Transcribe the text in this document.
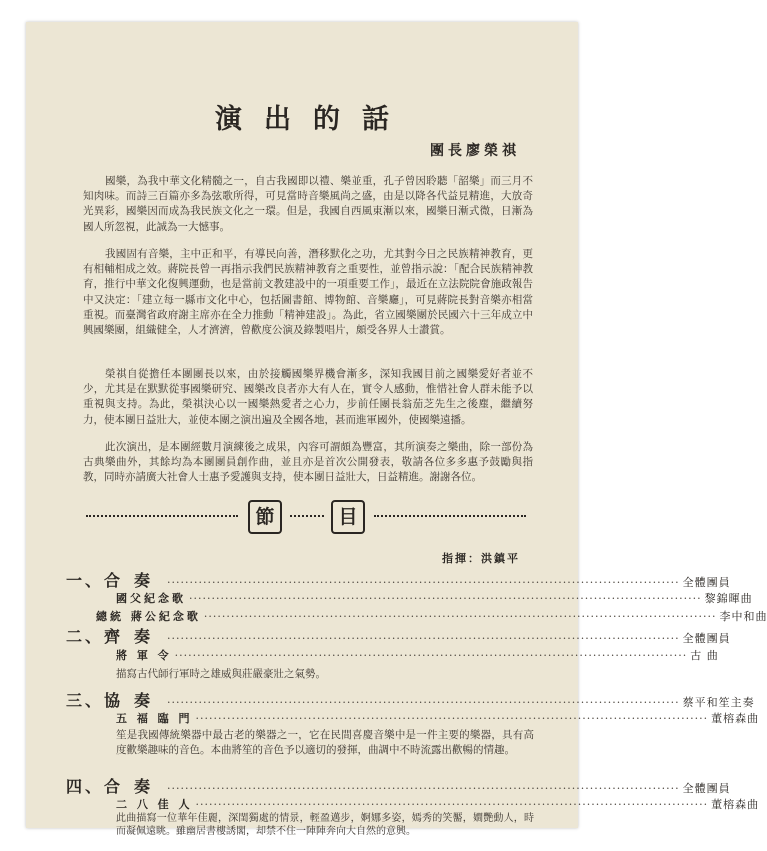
演出的話
團長廖榮祺

國樂，為我中華文化精髓之一，自古我國即以禮、樂並重，孔子曾因聆聽「韶樂」而三月不知肉味。而詩三百篇亦多為弦歌所得，可見當時音樂風尚之盛，由是以降各代益見精進，大放奇光異彩，國樂因而成為我民族文化之一環。但是，我國自西風東漸以來，國樂日漸式微，日漸為國人所忽視，此誠為一大憾事。

我國固有音樂，主中正和平，有導民向善，潛移默化之功，尤其對今日之民族精神教育，更有相輔相成之效。蔣院長曾一再指示我們民族精神教育之重要性，並曾指示說：「配合民族精神教育，推行中華文化復興運動，也是當前文教建設中的一項重要工作」，最近在立法院院會施政報告中又決定：「建立每一縣市文化中心，包括圖書館、博物館、音樂廳」，可見蔣院長對音樂亦相當重視。而臺灣省政府謝主席亦在全力推動「精神建設」。為此，省立國樂團於民國六十三年成立中興國樂團，組織健全，人才濟濟，曾歡度公演及錄製唱片，頗受各界人士讚賞。

榮祺自從擔任本團團長以來，由於接觸國樂界機會漸多，深知我國目前之國樂愛好者並不少，尤其是在默默從事國樂研究、國樂改良者亦大有人在，實令人感動，惟惜社會人群未能予以重視與支持。為此，榮祺決心以一國樂熱愛者之心力，步前任團長翁茄芝先生之後塵，繼續努力，使本團日益壯大，並使本團之演出遍及全國各地，甚而進軍國外，使國樂遠播。

此次演出，是本團經數月演練後之成果，內容可謂頗為豐富，其所演奏之樂曲，除一部份為古典樂曲外，其餘均為本團團員創作曲，並且亦是首次公開發表，敬請各位多多惠予鼓勵與指教，同時亦請廣大社會人士惠予愛護與支持，使本團日益壯大，日益精進。謝謝各位。

節	目
指揮：洪鎮平
一、 合奏 ·····	全體團員
國父紀念歌 ·····	黎錦暉曲
總統 蔣公紀念歌 ·····	李中和曲
二、 齊奏 ·····	全體團員
將 軍 令 ·····	古 曲

描寫古代師行軍時之雄威與莊嚴豪壯之氣勢。

三、 協奏 ·····	蔡平和笙主奏
五 福 臨 門 ·····	董榕森曲

笙是我國傳統樂器中最古老的樂器之一，它在民間喜慶音樂中是一件主要的樂器，具有高度歡樂趣味的音色。本曲將笙的音色予以適切的發揮，曲調中不時流露出歡暢的情趣。

四、 合奏 ·····	全體團員
二 八 佳 人 ·····	董榕森曲

此曲描寫一位華年佳麗，深閨獨處的情景，輕盈邁步，婀娜多姿，嫣秀的笑靨，嫺艷動人，時而凝佩遠眺。雖幽居書樓誘閣，却禁不住一陣陣奔向大自然的意興。
